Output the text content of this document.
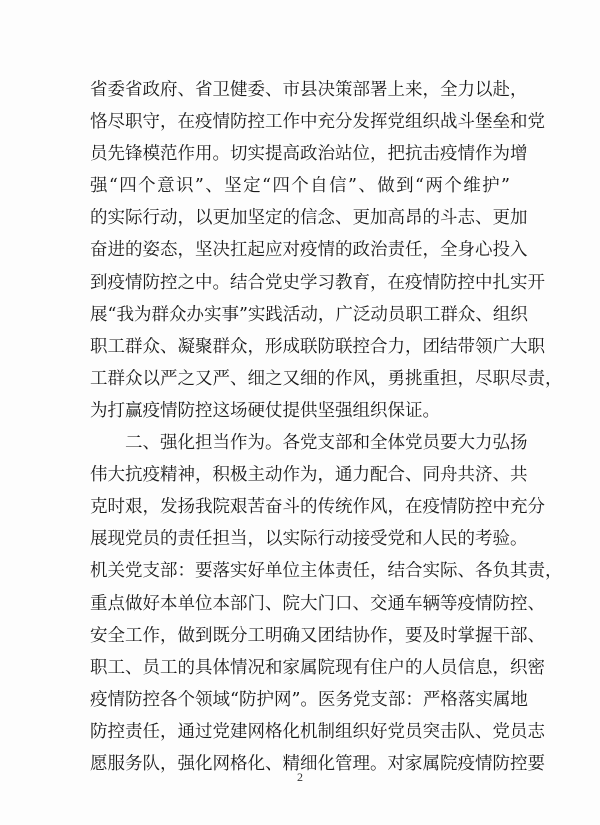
省委省政府、省卫健委、市县决策部署上来，全力以赴，
恪尽职守，在疫情防控工作中充分发挥党组织战斗堡垒和党
员先锋模范作用。切实提高政治站位，把抗击疫情作为增
强“四个意识”、坚定“四个自信”、做到“两个维护”
的实际行动，以更加坚定的信念、更加高昂的斗志、更加
奋进的姿态，坚决扛起应对疫情的政治责任，全身心投入
到疫情防控之中。结合党史学习教育，在疫情防控中扎实开
展“我为群众办实事”实践活动，广泛动员职工群众、组织
职工群众、凝聚群众，形成联防联控合力，团结带领广大职
工群众以严之又严、细之又细的作风，勇挑重担，尽职尽责，
为打赢疫情防控这场硬仗提供坚强组织保证。
二、强化担当作为。各党支部和全体党员要大力弘扬
伟大抗疫精神，积极主动作为，通力配合、同舟共济、共
克时艰，发扬我院艰苦奋斗的传统作风，在疫情防控中充分
展现党员的责任担当，以实际行动接受党和人民的考验。
机关党支部：要落实好单位主体责任，结合实际、各负其责，
重点做好本单位本部门、院大门口、交通车辆等疫情防控、
安全工作，做到既分工明确又团结协作，要及时掌握干部、
职工、员工的具体情况和家属院现有住户的人员信息，织密
疫情防控各个领域“防护网”。医务党支部：严格落实属地
防控责任，通过党建网格化机制组织好党员突击队、党员志
愿服务队，强化网格化、精细化管理。对家属院疫情防控要
2
